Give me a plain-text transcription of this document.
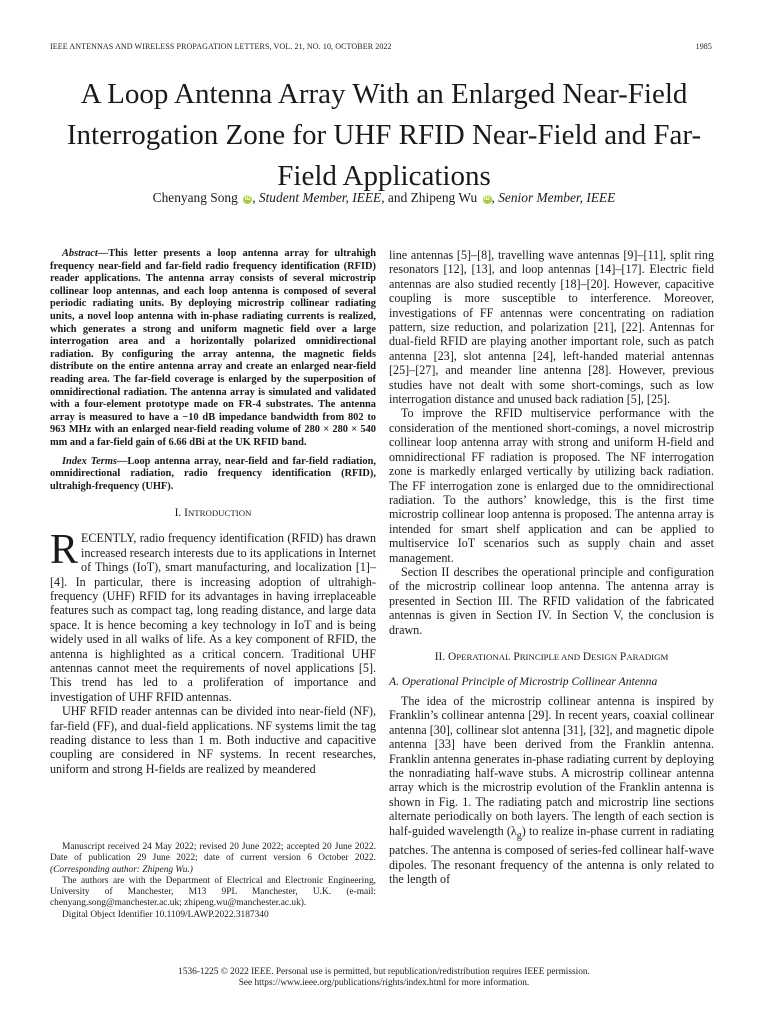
IEEE ANTENNAS AND WIRELESS PROPAGATION LETTERS, VOL. 21, NO. 10, OCTOBER 2022	1985
A Loop Antenna Array With an Enlarged Near-Field Interrogation Zone for UHF RFID Near-Field and Far-Field Applications
Chenyang Song iD , Student Member, IEEE, and Zhipeng Wu iD , Senior Member, IEEE

Abstract—This letter presents a loop antenna array for ultrahigh frequency near-field and far-field radio frequency identification (RFID) reader applications. The antenna array consists of several microstrip collinear loop antennas, and each loop antenna is composed of several periodic radiating units. By deploying microstrip collinear radiating units, a novel loop antenna with in-phase radiating currents is realized, which generates a strong and uniform magnetic field over a large interrogation area and a horizontally polarized omnidirectional radiation. By configuring the array antenna, the magnetic fields distribute on the entire antenna array and create an enlarged near-field reading area. The far-field coverage is enlarged by the superposition of omnidirectional radiation. The antenna array is simulated and validated with a four-element prototype made on FR-4 substrates. The antenna array is measured to have a −10 dB impedance bandwidth from 802 to 963 MHz with an enlarged near-field reading volume of 280 × 280 × 540 mm and a far-field gain of 6.66 dBi at the UK RFID band.

Index Terms—Loop antenna array, near-field and far-field radiation, omnidirectional radiation, radio frequency identification (RFID), ultrahigh-frequency (UHF).

I. INTRODUCTION

RECENTLY, radio frequency identification (RFID) has drawn increased research interests due to its applications in Internet of Things (IoT), smart manufacturing, and localization [1]–[4]. In particular, there is increasing adoption of ultrahigh-frequency (UHF) RFID for its advantages in having irreplaceable features such as compact tag, long reading distance, and large data space. It is hence becoming a key technology in IoT and is being widely used in all walks of life. As a key component of RFID, the antenna is highlighted as a critical concern. Traditional UHF antennas cannot meet the requirements of novel applications [5]. This trend has led to a proliferation of importance and investigation of UHF RFID antennas.

UHF RFID reader antennas can be divided into near-field (NF), far-field (FF), and dual-field applications. NF systems limit the tag reading distance to less than 1 m. Both inductive and capacitive coupling are considered in NF systems. In recent researches, uniform and strong H-fields are realized by meandered

Manuscript received 24 May 2022; revised 20 June 2022; accepted 20 June 2022. Date of publication 29 June 2022; date of current version 6 October 2022. (Corresponding author: Zhipeng Wu.)

The authors are with the Department of Electrical and Electronic Engineering, University of Manchester, M13 9PL Manchester, U.K. (e-mail: chenyang.song@manchester.ac.uk; zhipeng.wu@manchester.ac.uk).

Digital Object Identifier 10.1109/LAWP.2022.3187340

line antennas [5]–[8], travelling wave antennas [9]–[11], split ring resonators [12], [13], and loop antennas [14]–[17]. Electric field antennas are also studied recently [18]–[20]. However, capacitive coupling is more susceptible to interference. Moreover, investigations of FF antennas were concentrating on radiation pattern, size reduction, and polarization [21], [22]. Antennas for dual-field RFID are playing another important role, such as patch antenna [23], slot antenna [24], left-handed material antennas [25]–[27], and meander line antenna [28]. However, previous studies have not dealt with some short-comings, such as low interrogation distance and unused back radiation [5], [25].

To improve the RFID multiservice performance with the consideration of the mentioned short-comings, a novel microstrip collinear loop antenna array with strong and uniform H-field and omnidirectional FF radiation is proposed. The NF interrogation zone is markedly enlarged vertically by utilizing back radiation. The FF interrogation zone is enlarged due to the omnidirectional radiation. To the authors’ knowledge, this is the first time microstrip collinear loop antenna is proposed. The antenna array is intended for smart shelf application and can be applied to multiservice IoT scenarios such as supply chain and asset management.

Section II describes the operational principle and configuration of the microstrip collinear loop antenna. The antenna array is presented in Section III. The RFID validation of the fabricated antennas is given in Section IV. In Section V, the conclusion is drawn.

II. OPERATIONAL PRINCIPLE AND DESIGN PARADIGM

A. Operational Principle of Microstrip Collinear Antenna

The idea of the microstrip collinear antenna is inspired by Franklin’s collinear antenna [29]. In recent years, coaxial collinear antenna [30], collinear slot antenna [31], [32], and magnetic dipole antenna [33] have been derived from the Franklin antenna. Franklin antenna generates in-phase radiating current by deploying the nonradiating half-wave stubs. A microstrip collinear antenna array which is the microstrip evolution of the Franklin antenna is shown in Fig. 1. The radiating patch and microstrip line sections alternate periodically on both layers. The length of each section is half-guided wavelength $(\lambda_g)$ to realize in-phase current in radiating patches. The antenna is composed of series-fed collinear half-wave dipoles. The resonant frequency of the antenna is only related to the length of

1536-1225 © 2022 IEEE. Personal use is permitted, but republication/redistribution requires IEEE permission.
See https://www.ieee.org/publications/rights/index.html for more information.
